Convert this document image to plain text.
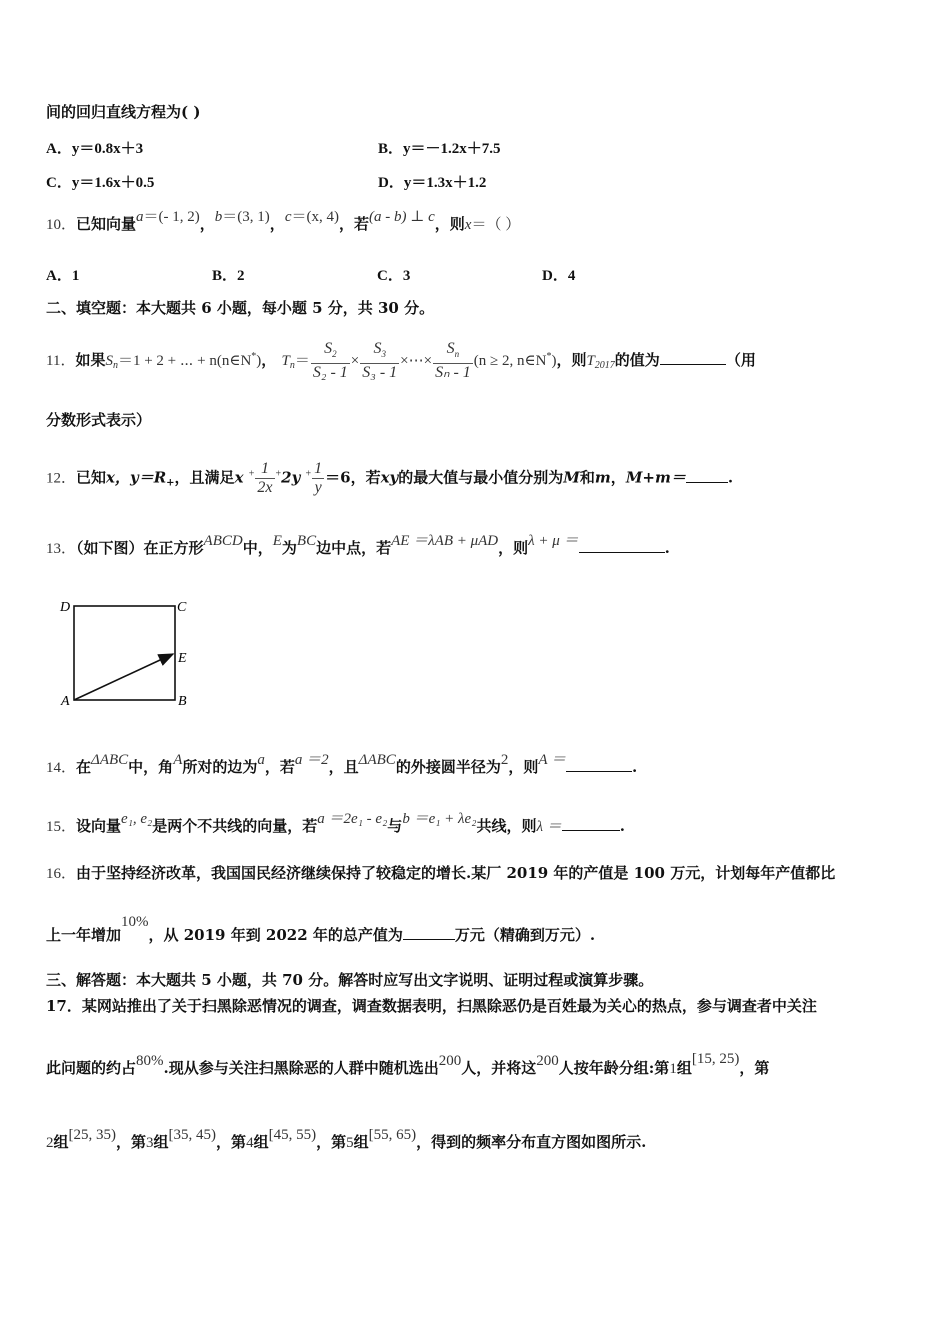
间的回归直线方程为( )
A．y＝0.8x＋3	B．y＝－1.2x＋7.5
C．y＝1.6x＋0.5	D．y＝1.3x＋1.2
10．已知向量a＝(- 1, 2)，b＝(3, 1)，c＝(x, 4)，若(a - b) ⊥ c，则x＝（ ）
A．1	B．2	C．3	D．4
二、填空题：本大题共 6 小题，每小题 5 分，共 30 分。
11．如果$S_n=1 + 2$ + ⋯ + n(n∈N*)， $T_n= \frac{S_2}{\text{S₂ - 1}} \times \frac{S_3}{\text{S₃ - 1}}$ ×⋯× $\frac{S_n}{\text{Sₙ - 1}} (n \ge 2$, n∈N*)，则$T_{2017}$的值为	（用
分数形式表示）
12．已知x，$y=R_+$，且满足x $^+ \frac{1}{2x} ^+2y$ $^+ \frac{1}{y} =6$，若xy的最大值与最小值分别为M和m，M+m＝	.
13．（如下图）在正方形ABCD中，E为BC边中点，若AE ＝λAB + μAD，则λ + μ ＝	.
D	C
E
A	B
14．在ΔABC中，角A所对的边为a，若a ＝2，且ΔABC的外接圆半径为2，则A ＝	.
15．设向量e₁, e₂是两个不共线的向量，若a ＝2e₁ - e₂与b ＝e₁ + λe₂共线，则λ ＝	.
16．由于坚持经济改革，我国国民经济继续保持了较稳定的增长.某厂 2019 年的产值是 100 万元，计划每年产值都比
上一年增加10%，从 2019 年到 2022 年的总产值为	万元（精确到万元）.
三、解答题：本大题共 5 小题，共 70 分。解答时应写出文字说明、证明过程或演算步骤。
17．某网站推出了关于扫黑除恶情况的调查，调查数据表明，扫黑除恶仍是百姓最为关心的热点，参与调查者中关注
此问题的约占80%.现从参与关注扫黑除恶的人群中随机选出200人，并将这200人按年龄分组:第1组[15, 25)，第
2组[25, 35)，第3组[35, 45)，第4组[45, 55)，第5组[55, 65)，得到的频率分布直方图如图所示.
